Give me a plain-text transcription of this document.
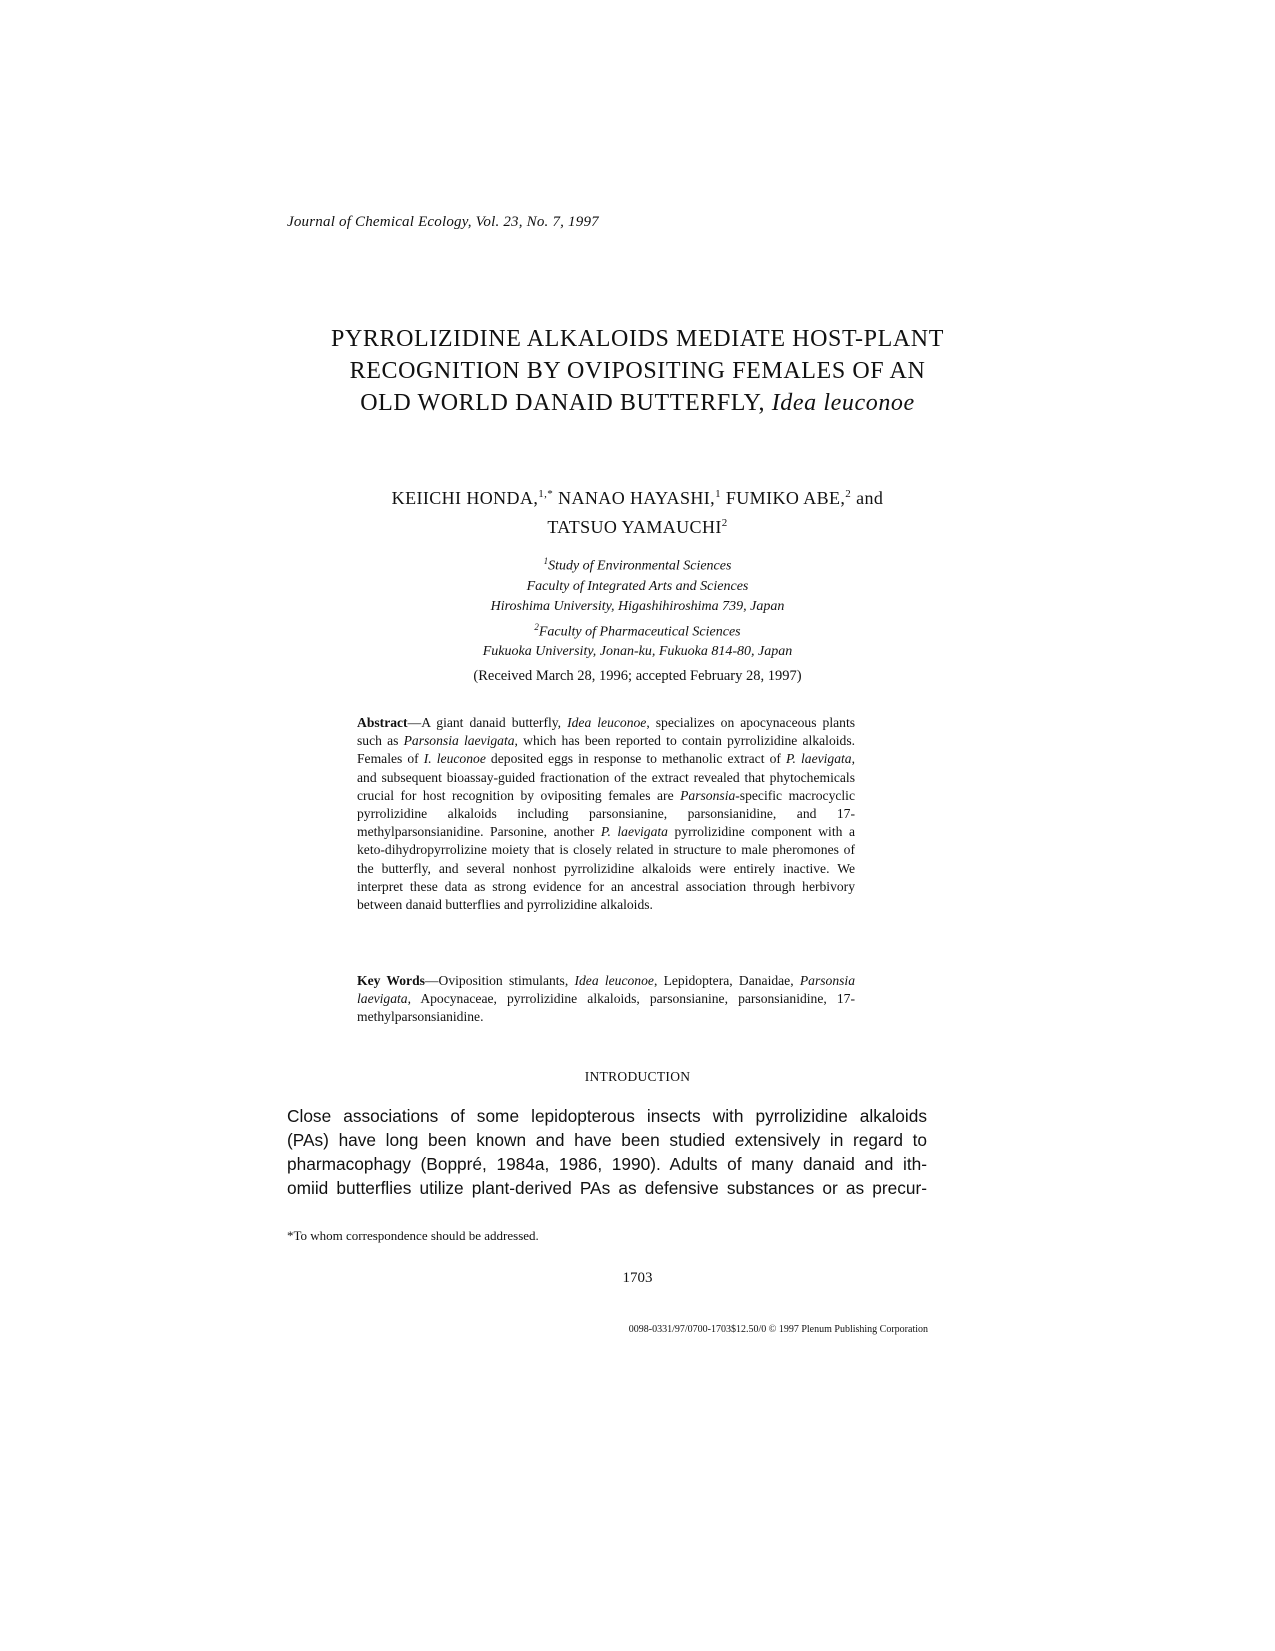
Journal of Chemical Ecology, Vol. 23, No. 7, 1997
PYRROLIZIDINE ALKALOIDS MEDIATE HOST-PLANT
RECOGNITION BY OVIPOSITING FEMALES OF AN
OLD WORLD DANAID BUTTERFLY, Idea leuconoe
KEIICHI HONDA,$^{1,*}$ NANAO HAYASHI,$^1$ FUMIKO ABE,$^2$ and
TATSUO YAMAUCHI$^2$
$^1$Study of Environmental Sciences
Faculty of Integrated Arts and Sciences
Hiroshima University, Higashihiroshima 739, Japan
$^2$Faculty of Pharmaceutical Sciences
Fukuoka University, Jonan-ku, Fukuoka 814-80, Japan
(Received March 28, 1996; accepted February 28, 1997)
Abstract—A giant danaid butterfly, Idea leuconoe, specializes on apocynaceous plants such as Parsonsia laevigata, which has been reported to contain pyrrolizidine alkaloids. Females of I. leuconoe deposited eggs in response to methanolic extract of P. laevigata, and subsequent bioassay-guided fractionation of the extract revealed that phytochemicals crucial for host recognition by ovipositing females are Parsonsia-specific macrocyclic pyrrolizidine alkaloids including parsonsianine, parsonsianidine, and 17-methylparsonsianidine. Parsonine, another P. laevigata pyrrolizidine component with a keto-dihydropyrrolizine moiety that is closely related in structure to male pheromones of the butterfly, and several nonhost pyrrolizidine alkaloids were entirely inactive. We interpret these data as strong evidence for an ancestral association through herbivory between danaid butterflies and pyrrolizidine alkaloids.
Key Words—Oviposition stimulants, Idea leuconoe, Lepidoptera, Danaidae, Parsonsia laevigata, Apocynaceae, pyrrolizidine alkaloids, parsonsianine, parsonsianidine, 17-methylparsonsianidine.
INTRODUCTION
Close associations of some lepidopterous insects with pyrrolizidine alkaloids
(PAs) have long been known and have been studied extensively in regard to
pharmacophagy (Boppré, 1984a, 1986, 1990). Adults of many danaid and ith-
omiid butterflies utilize plant-derived PAs as defensive substances or as precur-
*To whom correspondence should be addressed.
1703
0098-0331/97/0700-1703$12.50/0 © 1997 Plenum Publishing Corporation
